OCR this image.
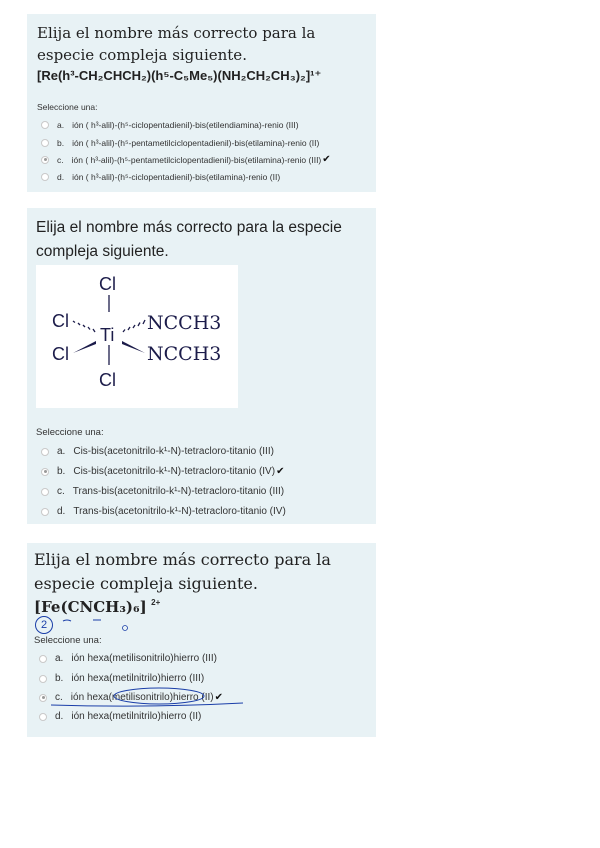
Elija el nombre más correcto para la especie compleja siguiente.
[Re(h³-CH₂CHCH₂)(h⁵-C₅Me₅)(NH₂CH₂CH₃)₂]¹⁺
Seleccione una:
a. ión ( h³-alil)-(h⁵-ciclopentadienil)-bis(etilendiamina)-renio (III)
b. ión ( h³-alil)-(h⁵-pentametilciclopentadienil)-bis(etilamina)-renio (II)
c. ión ( h³-alil)-(h⁵-pentametilciclopentadienil)-bis(etilamina)-renio (III) ✔
d. ión ( h³-alil)-(h⁵-ciclopentadienil)-bis(etilamina)-renio (II)
Elija el nombre más correcto para la especie compleja siguiente.
Cl
Cl
Ti
Cl
Cl
NCCH3
NCCH3
Seleccione una:
a. Cis-bis(acetonitrilo-k¹-N)-tetracloro-titanio (III)
b. Cis-bis(acetonitrilo-k¹-N)-tetracloro-titanio (IV) ✔
c. Trans-bis(acetonitrilo-k¹-N)-tetracloro-titanio (III)
d. Trans-bis(acetonitrilo-k¹-N)-tetracloro-titanio (IV)
Elija el nombre más correcto para la especie compleja siguiente.
[Fe(CNCH₃)₆] $^{2+}$
2
Seleccione una:
a. ión hexa(metilisonitrilo)hierro (III)
b. ión hexa(metilnitrilo)hierro (III)
c. ión hexa(metilisonitrilo)hierro (II) ✔
d. ión hexa(metilnitrilo)hierro (II)
